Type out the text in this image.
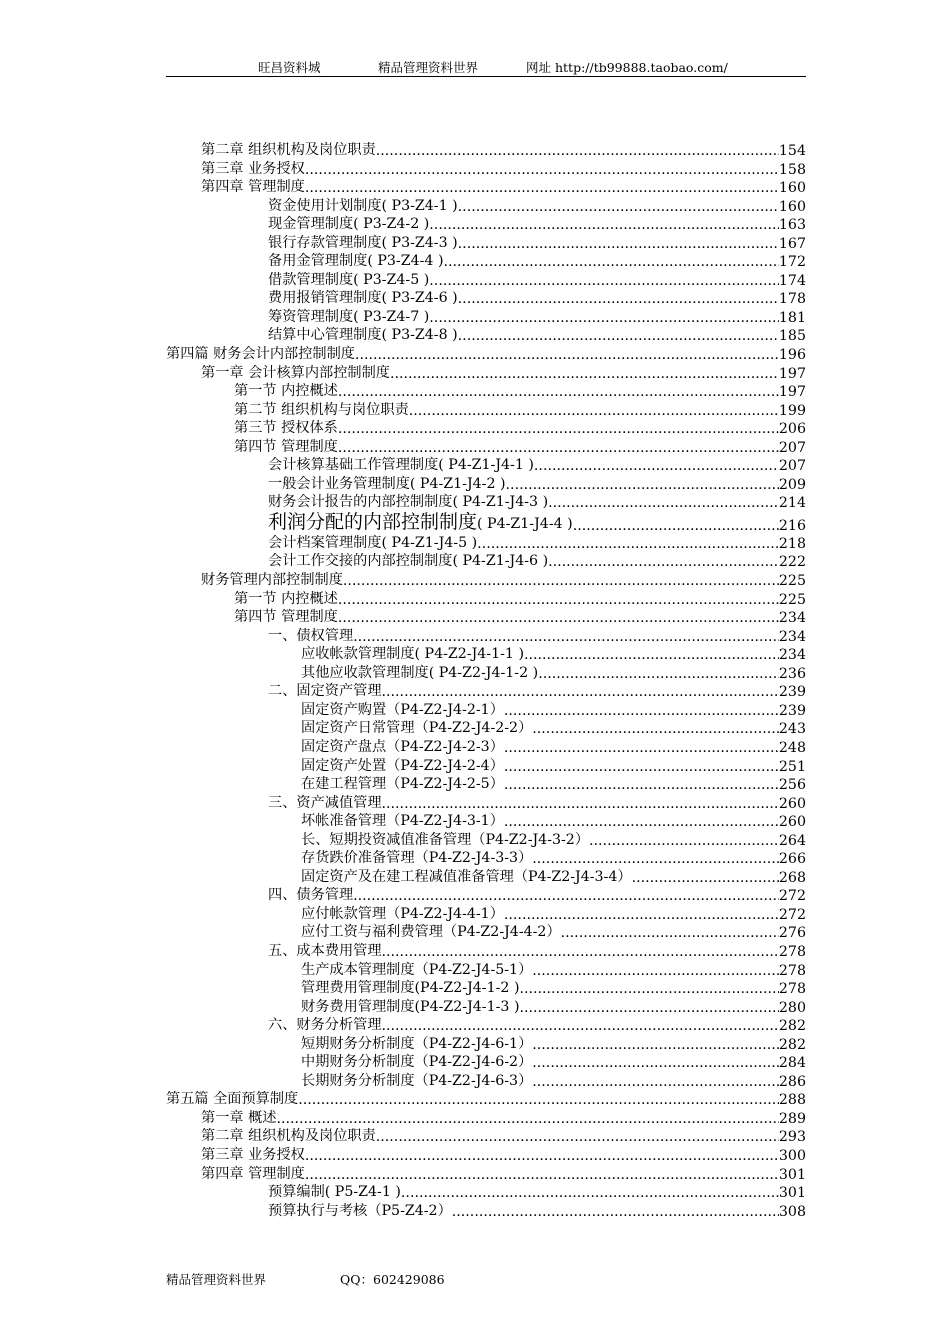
旺昌资料城	精品管理资料世界	网址 http://tb99888.taobao.com/
第二章 组织机构及岗位职责 .....	154
第三章 业务授权 .....	158
第四章 管理制度 .....	160
资金使用计划制度( P3-Z4-1 ) .....	160
现金管理制度( P3-Z4-2 ) .....	163
银行存款管理制度( P3-Z4-3 ) .....	167
备用金管理制度( P3-Z4-4 ) .....	172
借款管理制度( P3-Z4-5 ) .....	174
费用报销管理制度( P3-Z4-6 ) .....	178
筹资管理制度( P3-Z4-7 ) .....	181
结算中心管理制度( P3-Z4-8 ) .....	185
第四篇 财务会计内部控制制度 .....	196
第一章 会计核算内部控制制度 .....	197
第一节 内控概述 .....	197
第二节 组织机构与岗位职责 .....	199
第三节 授权体系 .....	206
第四节 管理制度 .....	207
会计核算基础工作管理制度( P4-Z1-J4-1 ) .....	207
一般会计业务管理制度( P4-Z1-J4-2 ) .....	209
财务会计报告的内部控制制度( P4-Z1-J4-3 ) .....	214
利润分配的内部控制制度( P4-Z1-J4-4 ) .....	216
会计档案管理制度( P4-Z1-J4-5 ) .....	218
会计工作交接的内部控制制度( P4-Z1-J4-6 ) .....	222
财务管理内部控制制度 .....	225
第一节 内控概述 .....	225
第四节 管理制度 .....	234
一、债权管理 .....	234
应收帐款管理制度( P4-Z2-J4-1-1 ) .....	234
其他应收款管理制度( P4-Z2-J4-1-2 ) .....	236
二、固定资产管理 .....	239
固定资产购置（P4-Z2-J4-2-1） .....	239
固定资产日常管理（P4-Z2-J4-2-2） .....	243
固定资产盘点（P4-Z2-J4-2-3） .....	248
固定资产处置（P4-Z2-J4-2-4） .....	251
在建工程管理（P4-Z2-J4-2-5） .....	256
三、资产减值管理 .....	260
坏帐准备管理（P4-Z2-J4-3-1） .....	260
长、短期投资减值准备管理（P4-Z2-J4-3-2） .....	264
存货跌价准备管理（P4-Z2-J4-3-3） .....	266
固定资产及在建工程减值准备管理（P4-Z2-J4-3-4） .....	268
四、债务管理 .....	272
应付帐款管理（P4-Z2-J4-4-1） .....	272
应付工资与福利费管理（P4-Z2-J4-4-2） .....	276
五、成本费用管理 .....	278
生产成本管理制度（P4-Z2-J4-5-1） .....	278
管理费用管理制度(P4-Z2-J4-1-2 ) .....	278
财务费用管理制度(P4-Z2-J4-1-3 ) .....	280
六、财务分析管理 .....	282
短期财务分析制度（P4-Z2-J4-6-1） .....	282
中期财务分析制度（P4-Z2-J4-6-2） .....	284
长期财务分析制度（P4-Z2-J4-6-3） .....	286
第五篇 全面预算制度 .....	288
第一章 概述 .....	289
第二章 组织机构及岗位职责 .....	293
第三章 业务授权 .....	300
第四章 管理制度 .....	301
预算编制( P5-Z4-1 ) .....	301
预算执行与考核（P5-Z4-2） .....	308
精品管理资料世界	QQ：602429086
